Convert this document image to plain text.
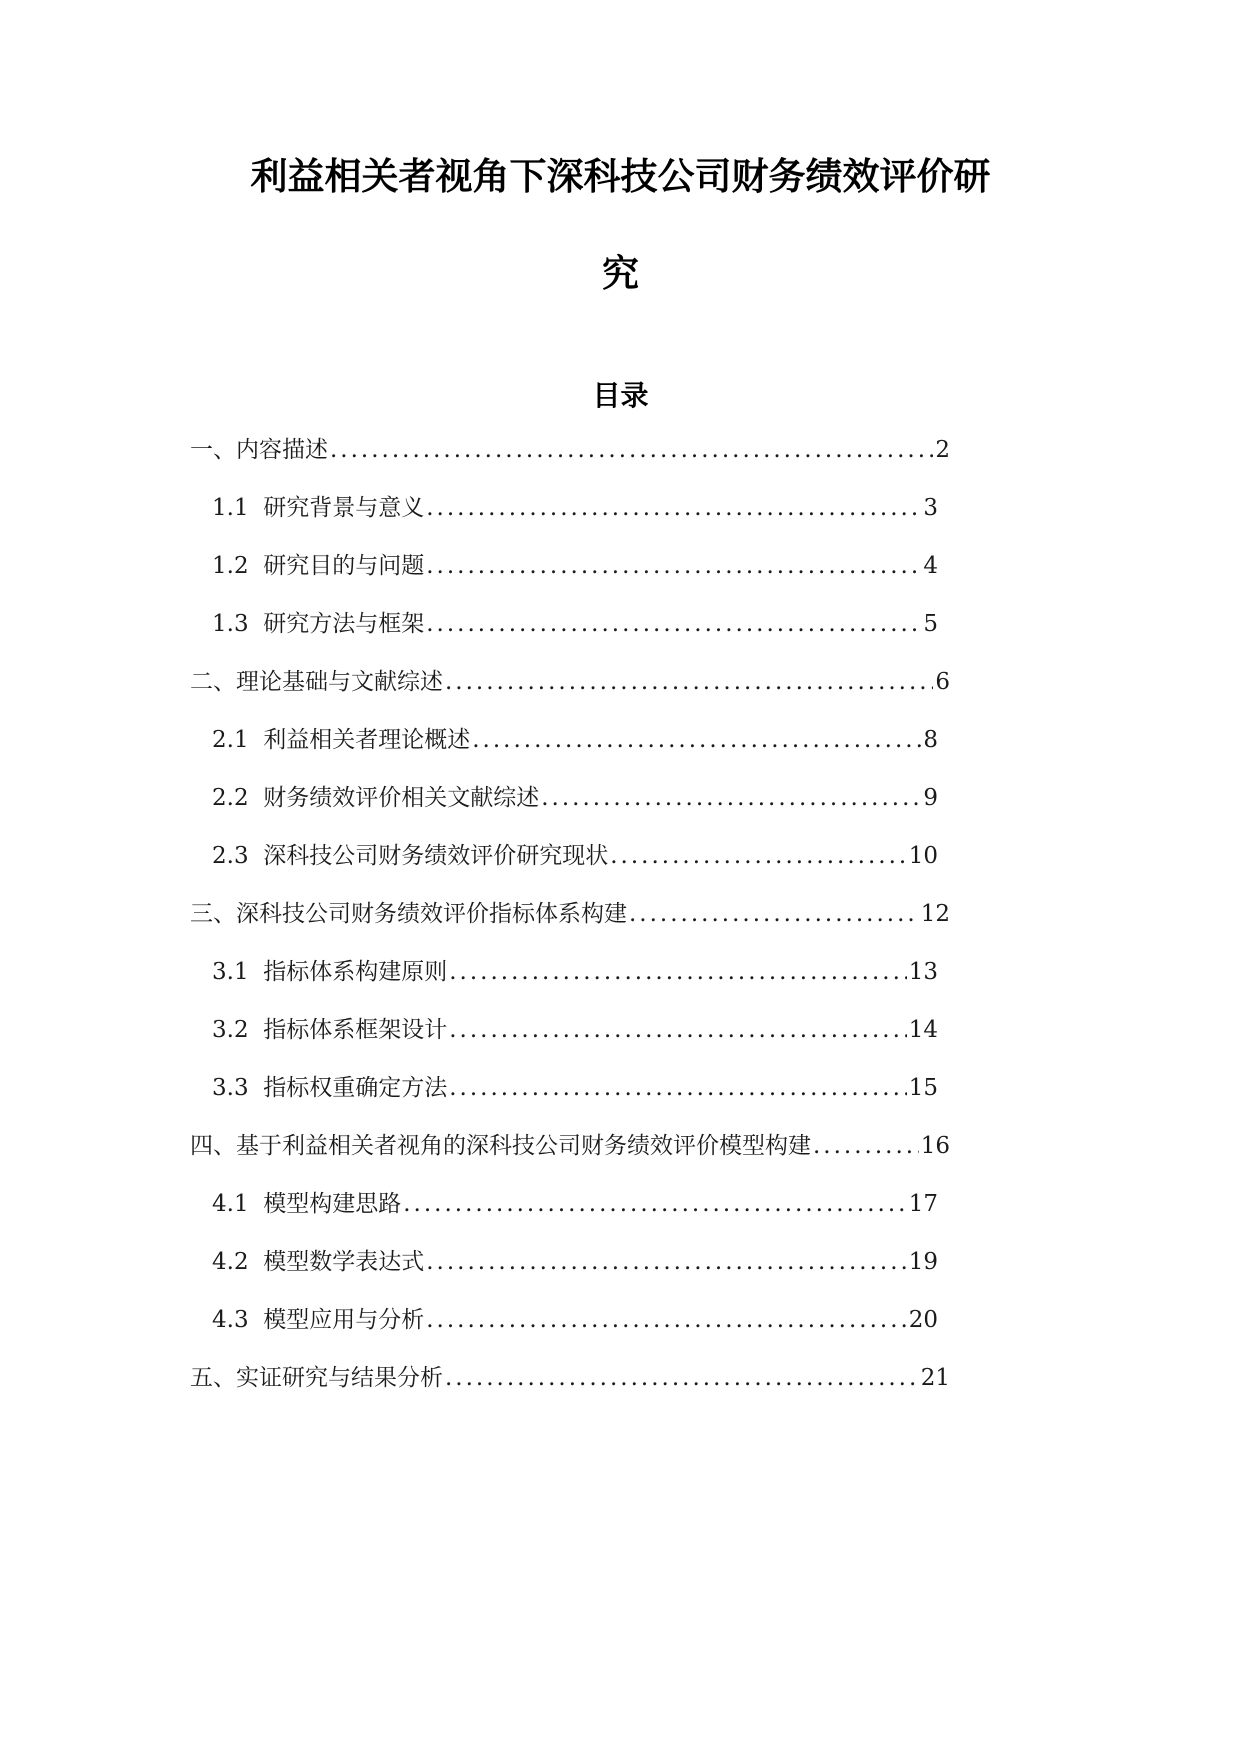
利益相关者视角下深科技公司财务绩效评价研
究
目录
一、 内容描述 .....	2
1.1 研究背景与意义 .....	3
1.2 研究目的与问题 .....	4
1.3 研究方法与框架 .....	5
二、 理论基础与文献综述 .....	6
2.1 利益相关者理论概述 .....	8
2.2 财务绩效评价相关文献综述 .....	9
2.3 深科技公司财务绩效评价研究现状 .....	10
三、 深科技公司财务绩效评价指标体系构建 .....	12
3.1 指标体系构建原则 .....	13
3.2 指标体系框架设计 .....	14
3.3 指标权重确定方法 .....	15
四、 基于利益相关者视角的深科技公司财务绩效评价模型构建 .....	16
4.1 模型构建思路 .....	17
4.2 模型数学表达式 .....	19
4.3 模型应用与分析 .....	20
五、 实证研究与结果分析 .....	21
